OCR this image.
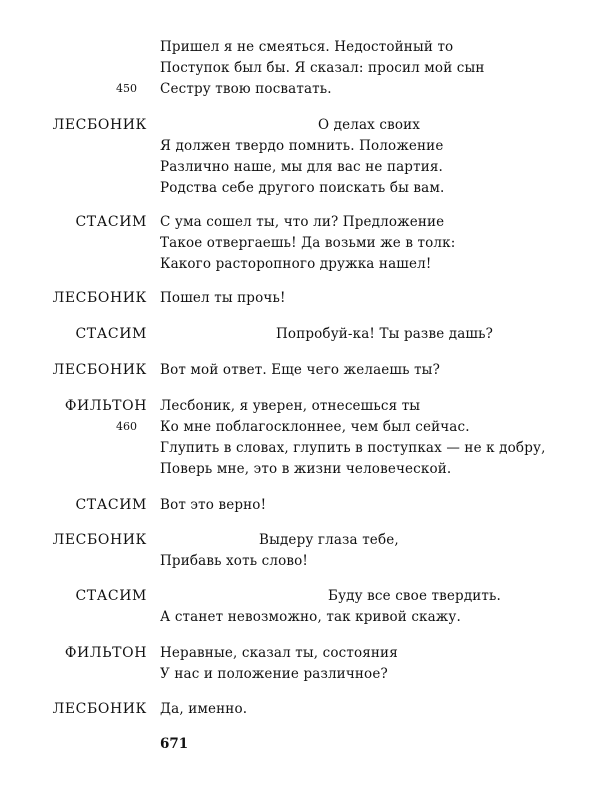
Пришел я не смеяться. Недостойный то
Поступок был бы. Я сказал: просил мой сын
450 Сестру твою посватать.
ЛЕСБОНИК	О делах своих
Я должен твердо помнить. Положение
Различно наше, мы для вас не партия.
Родства себе другого поискать бы вам.
СТАСИМ С ума сошел ты, что ли? Предложение
Такое отвергаешь! Да возьми же в толк:
Какого расторопного дружка нашел!
ЛЕСБОНИК Пошел ты прочь!
СТАСИМ	Попробуй-ка! Ты разве дашь?
ЛЕСБОНИК Вот мой ответ. Еще чего желаешь ты?
ФИЛЬТОН Лесбоник, я уверен, отнесешься ты
460 Ко мне поблагосклоннее, чем был сейчас.
Глупить в словах, глупить в поступках — не к добру,
Поверь мне, это в жизни человеческой.
СТАСИМ Вот это верно!
ЛЕСБОНИК	Выдеру глаза тебе,
Прибавь хоть слово!
СТАСИМ	Буду все свое твердить.
А станет невозможно, так кривой скажу.
ФИЛЬТОН Неравные, сказал ты, состояния
У нас и положение различное?
ЛЕСБОНИК Да, именно.
671
